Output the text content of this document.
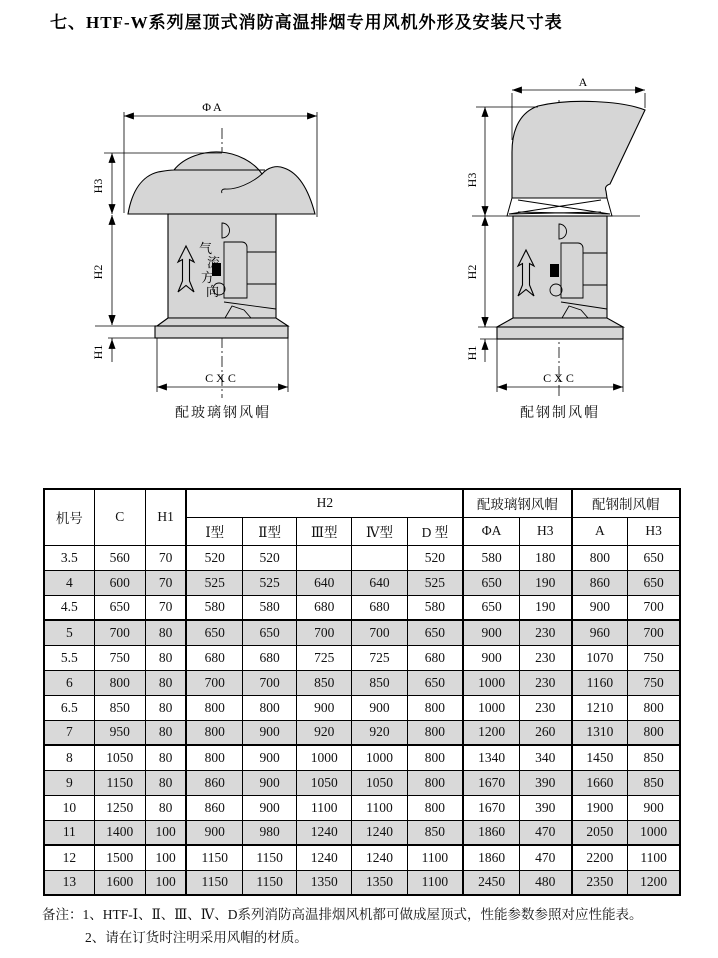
七、HTF-W系列屋顶式消防高温排烟专用风机外形及安装尺寸表
气
流
方
向
ΦA
H3
H2
H1
CXC
配玻璃钢风帽
A
H3
H2
H1
CXC
配钢制风帽
机号	C	H1	H2					配玻璃钢风帽		配钢制风帽	
			Ⅰ型	Ⅱ型	Ⅲ型	Ⅳ型	D 型	ΦA	H3	A	H3
3.5	560	70	520	520			520	580	180	800	650
4	600	70	525	525	640	640	525	650	190	860	650
4.5	650	70	580	580	680	680	580	650	190	900	700
5	700	80	650	650	700	700	650	900	230	960	700
5.5	750	80	680	680	725	725	680	900	230	1070	750
6	800	80	700	700	850	850	650	1000	230	1160	750
6.5	850	80	800	800	900	900	800	1000	230	1210	800
7	950	80	800	900	920	920	800	1200	260	1310	800
8	1050	80	800	900	1000	1000	800	1340	340	1450	850
9	1150	80	860	900	1050	1050	800	1670	390	1660	850
10	1250	80	860	900	1100	1100	800	1670	390	1900	900
11	1400	100	900	980	1240	1240	850	1860	470	2050	1000
12	1500	100	1150	1150	1240	1240	1100	1860	470	2200	1100
13	1600	100	1150	1150	1350	1350	1100	2450	480	2350	1200
备注：1、HTF-Ⅰ、Ⅱ、Ⅲ、Ⅳ、D系列消防高温排烟风机都可做成屋顶式，性能参数参照对应性能表。
2、请在订货时注明采用风帽的材质。
